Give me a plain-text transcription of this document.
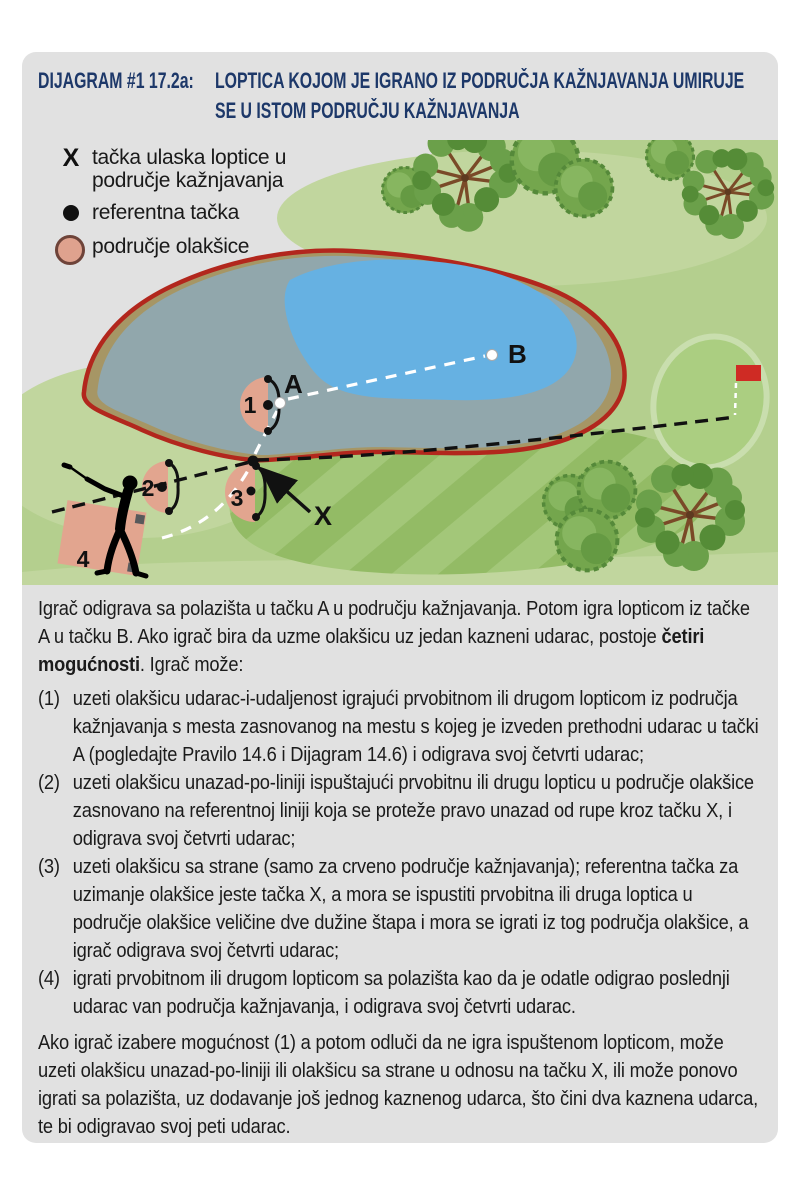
DIJAGRAM #1 17.2a: LOPTICA KOJOM JE IGRANO IZ PODRUČJA KAŽNJAVANJA UMIRUJE
SE U ISTOM PODRUČJU KAŽNJAVANJA
A
B
X
1
2	3
4
X tačka ulaska loptice u područje kažnjavanja
referentna tačka
područje olakšice

Igrač odigrava sa polazišta u tačku A u području kažnjavanja. Potom igra lopticom iz tačke A u tačku B. Ako igrač bira da uzme olakšicu uz jedan kazneni udarac, postoje četiri mogućnosti. Igrač može:

(1) uzeti olakšicu udarac-i-udaljenost igrajući prvobitnom ili drugom lopticom iz područja kažnjavanja s mesta zasnovanog na mestu s kojeg je izveden prethodni udarac u tački A (pogledajte Pravilo 14.6 i Dijagram 14.6) i odigrava svoj četvrti udarac;
(2) uzeti olakšicu unazad-po-liniji ispuštajući prvobitnu ili drugu lopticu u područje olakšice zasnovano na referentnoj liniji koja se proteže pravo unazad od rupe kroz tačku X, i odigrava svoj četvrti udarac;
(3) uzeti olakšicu sa strane (samo za crveno područje kažnjavanja); referentna tačka za uzimanje olakšice jeste tačka X, a mora se ispustiti prvobitna ili druga loptica u područje olakšice veličine dve dužine štapa i mora se igrati iz tog područja olakšice, a igrač odigrava svoj četvrti udarac;
(4) igrati prvobitnom ili drugom lopticom sa polazišta kao da je odatle odigrao poslednji udarac van područja kažnjavanja, i odigrava svoj četvrti udarac.

Ako igrač izabere mogućnost (1) a potom odluči da ne igra ispuštenom lopticom, može uzeti olakšicu unazad-po-liniji ili olakšicu sa strane u odnosu na tačku X, ili može ponovo igrati sa polazišta, uz dodavanje još jednog kaznenog udarca, što čini dva kaznena udarca, te bi odigravao svoj peti udarac.
